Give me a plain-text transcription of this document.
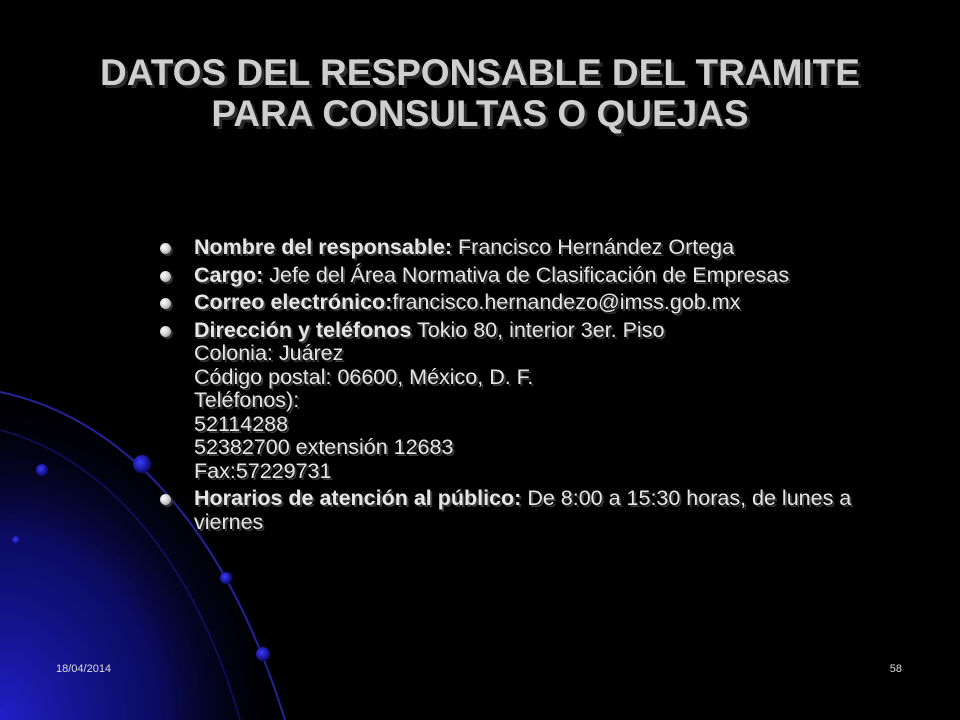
DATOS DEL RESPONSABLE DEL TRAMITE
PARA CONSULTAS O QUEJAS
Nombre del responsable: Francisco Hernández Ortega
Cargo: Jefe del Área Normativa de Clasificación de Empresas
Correo electrónico:francisco.hernandezo@imss.gob.mx
Dirección y teléfonos Tokio 80, interior 3er. Piso
Colonia: Juárez
Código postal: 06600, México, D. F.
Teléfonos):
52114288
52382700 extensión 12683
Fax:57229731
Horarios de atención al público: De 8:00 a 15:30 horas, de lunes a viernes
18/04/2014	58
